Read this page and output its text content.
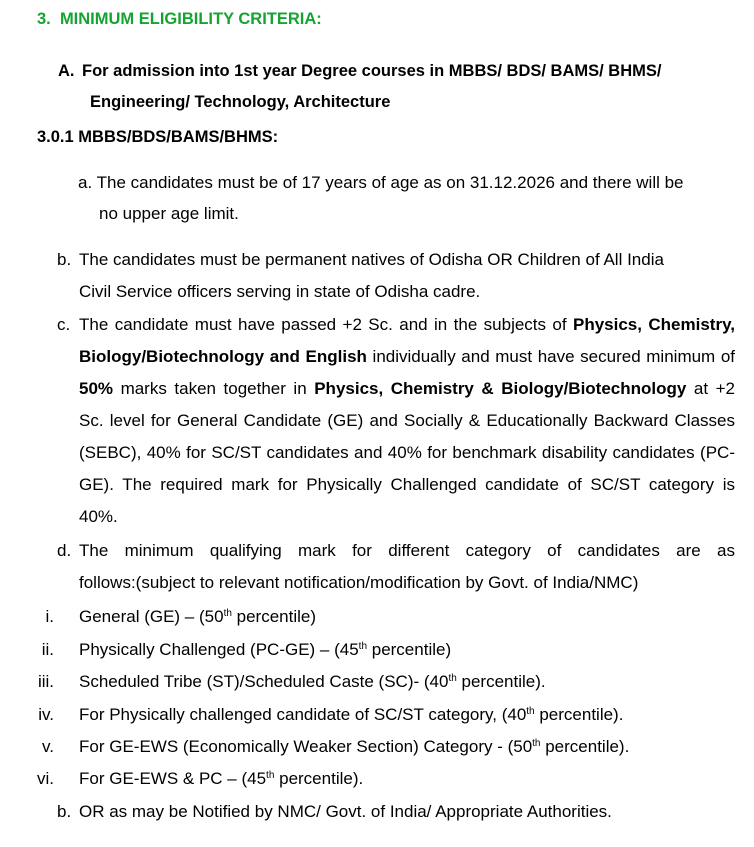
3. MINIMUM ELIGIBILITY CRITERIA:
A. For admission into 1st year Degree courses in MBBS/ BDS/ BAMS/ BHMS/
Engineering/ Technology, Architecture
3.0.1 MBBS/BDS/BAMS/BHMS:
a. The candidates must be of 17 years of age as on 31.12.2026 and there will be
no upper age limit.
b. The candidates must be permanent natives of Odisha OR Children of All India
Civil Service officers serving in state of Odisha cadre.
c. The candidate must have passed +2 Sc. and in the subjects of Physics, Chemistry, Biology/Biotechnology and English individually and must have secured minimum of 50% marks taken together in Physics, Chemistry & Biology/Biotechnology at +2 Sc. level for General Candidate (GE) and Socially & Educationally Backward Classes (SEBC), 40% for SC/ST candidates and 40% for benchmark disability candidates (PC-GE). The required mark for Physically Challenged candidate of SC/ST category is 40%.
d. The minimum qualifying mark for different category of candidates are as
follows:(subject to relevant notification/modification by Govt. of India/NMC)
i. General (GE) – (50th percentile)
ii. Physically Challenged (PC-GE) – (45th percentile)
iii. Scheduled Tribe (ST)/Scheduled Caste (SC)- (40th percentile).
iv. For Physically challenged candidate of SC/ST category, (40th percentile).
v. For GE-EWS (Economically Weaker Section) Category - (50th percentile).
vi. For GE-EWS & PC – (45th percentile).
b. OR as may be Notified by NMC/ Govt. of India/ Appropriate Authorities.
